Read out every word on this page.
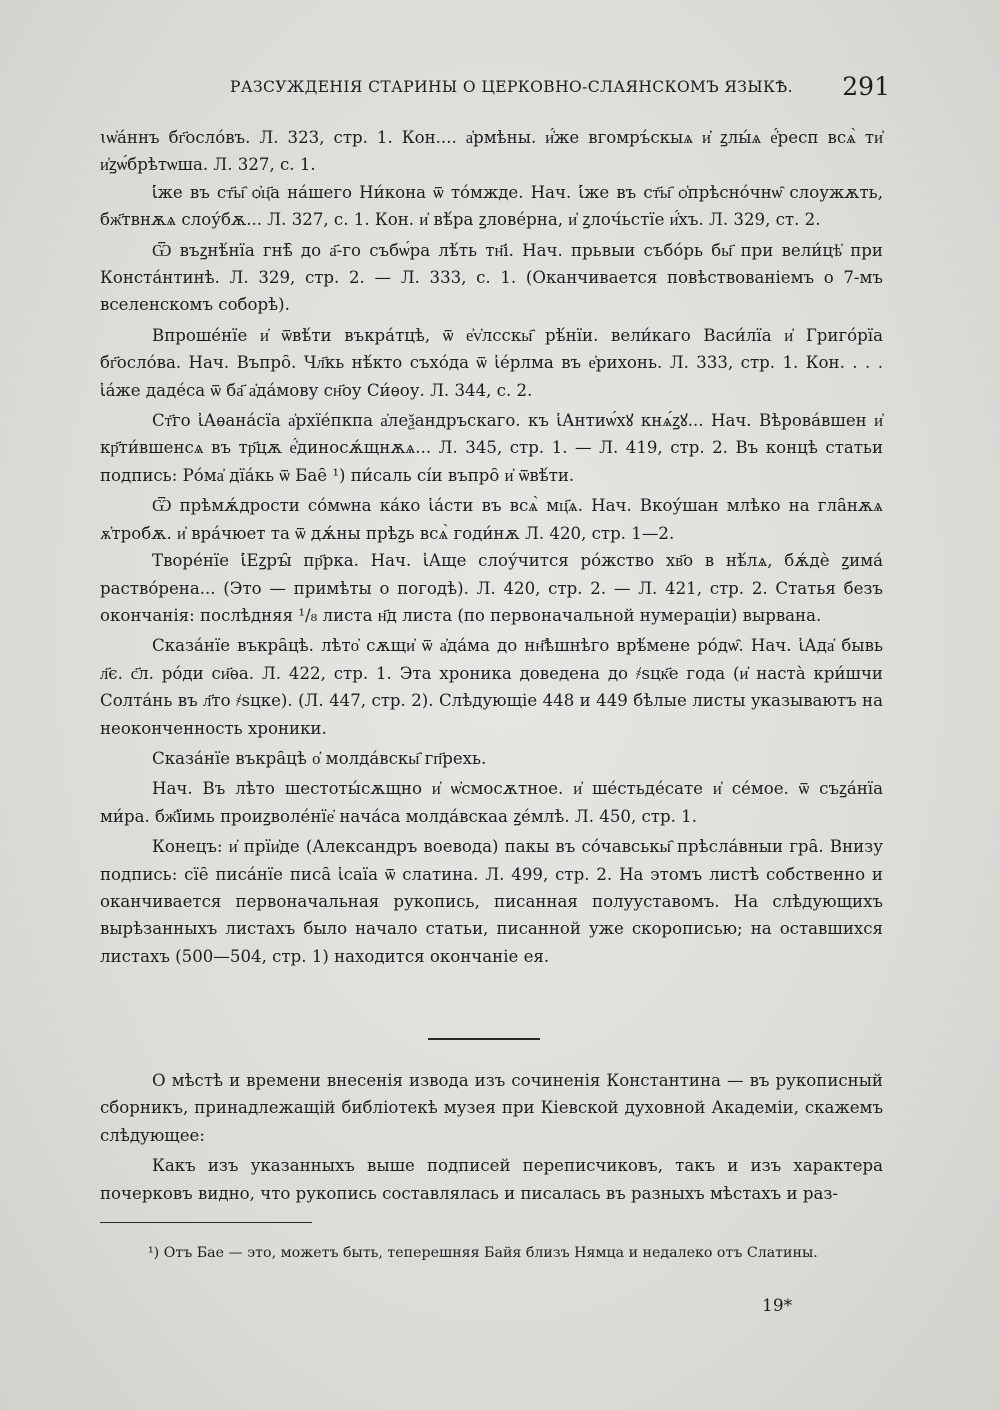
РАЗСУЖДЕНІЯ СТАРИНЫ О ЦЕРКОВНО-СЛАЯНСКОМЪ ЯЗЫКѢ. 291

ꙇѡ҆а́ннъ бг҃осло́въ. Л. 323, стр. 1. Кон.... а҆рмѣны. и҆́же вгомръ́скыѧ и҆ ꙁлы́ѧ е҆́респ всѧ̀ ти҆ и҆ꙁѡ́брѣтѡша. Л. 327, с. 1.

ꙇ҆́же въ ст҃ы҄ ѻ҆ц҃а на́шего Ни́кона ѿ то́мжде. Нач. ꙇ҆́же въ ст҃ы҄ ѻ҆прѣсно́чнѡ̑ слоужѫть, бж҃твнѫѧ слоу́бѫ... Л. 327, с. 1. Кон. и҆ вѣ́ра ꙁлове́рна, и҆ ꙁлоч́ьстїе и҆́хъ. Л. 329, ст. 2.

Ѿ въꙁнѣ́нїа гнѣ̑ до а҃-го събѡ́ра лѣ́ть тн҃і. Нач. прьвыи събо́рь бы҃ при вели́цѣ҆ при Конста́нтинѣ. Л. 329, стр. 2. — Л. 333, с. 1. (Оканчивается повѣствованіемъ о 7-мъ вселенскомъ соборѣ).

Впроше́нїе и҆ ѿвѣ́ти въкра́тцѣ, ѿ е҆v҆лсскы҄ рѣ́нїи. вели́каго Васи́лїа и҆ Григо́рїа бг҃осло́ва. Нач. Въпро̑. Чл҃кь нѣ́кто съхо́да ѿ ꙇ҆е́рлма въ е҆рихонь. Л. 333, стр. 1. Кон. . . . ꙇ҆а́же даде́са ѿ ба҃ а҆да́мову сн҃оу Си́ѳоу. Л. 344, с. 2.

Ст҃го ꙇ҆Аѳана́сїа а҆рхїе́пкпа а҆леѯандръскаго. къ ꙇ҆Антиѡ́хꙋ кнѧ́ꙁꙋ... Нач. Вѣрова́вшен и҆ кр҃ти́вшенсѧ въ тр҃цѫ е҆́диносѫ́щнѫѧ... Л. 345, стр. 1. — Л. 419, стр. 2. Въ концѣ статьи подпись: Ро́ма҆ дїа́кь ѿ Бае̑ ¹) пи́саль сі́и въпро̑ и҆ ѿвѣ́ти.

Ѿ прѣмѫ́дрости со́мѡна ка́ко ꙇ҆а́сти въ всѧ̀ мц҃ѧ. Нач. Вкоу́шан млѣко на гла̑нѫѧ ѫ҆тробѫ. и҆ вра́чюет та ѿ дѫ́ны прѣꙁь всѧ̀ годи́нѫ Л. 420, стр. 1—2.

Творе́нїе ꙇ҆́Еꙁрꙑ̑ пр҃рка. Нач. ꙇ҆Аще слоу́чится ро́жство хв҃о в нѣ́лѧ, бѫ́дѐ ꙁима́ раство́рена... (Это — примѣты о погодѣ). Л. 420, стр. 2. — Л. 421, стр. 2. Статья безъ окончанія: послѣдняя ¹/₈ листа н҃д листа (по первоначальной нумераціи) вырвана.

Сказа́нїе въкра̑цѣ. лѣто҆ сѫщи҆ ѿ а҆да́ма до нн҃ѣшнѣго врѣ́мене ро́дѡ̑. Нач. ꙇ҆Ада҆ бывь л҃є. с҃л. ро́ди си҃ѳа. Л. 422, стр. 1. Эта хроника доведена до ҂ѕцк҃е года (и҆ наста̀ кри́шчи Солта́нь въ л҃то ҂ѕцке). (Л. 447, стр. 2). Слѣдующіе 448 и 449 бѣлые листы указываютъ на неоконченность хроники.

Сказа́нїе въкра̑цѣ о҆ молда́вскы҄ гп҃рехь.

Нач. Въ лѣто шестоты́сѫщно и҆ ѡ҆смосѫтное. и҆ ше́стьде́сате и҆ се́мое. ѿ съꙁа́нїа ми́ра. бж҃їимь проиꙁволе́нїе҆ нача́са молда́вскаа ꙁе́млѣ. Л. 450, стр. 1.

Конецъ: и҆ прїи҆де (Александръ воевода) пакы въ со́чавськы҄ прѣсла́вныи гра̑. Внизу подпись: сїе̑ писа́нїе писа̑ ꙇ҆саїа ѿ слатина. Л. 499, стр. 2. На этомъ листѣ собственно и оканчивается первоначальная рукопись, писанная полууставомъ. На слѣдующихъ вырѣзанныхъ листахъ было начало статьи, писанной уже скорописью; на оставшихся листахъ (500—504, стр. 1) находится окончаніе ея.

О мѣстѣ и времени внесенія извода изъ сочиненія Константина — въ рукописный сборникъ, принадлежащій библіотекѣ музея при Кіевской духовной Академіи, скажемъ слѣдующее:

Какъ изъ указанныхъ выше подписей переписчиковъ, такъ и изъ характера почерковъ видно, что рукопись составлялась и писалась въ разныхъ мѣстахъ и раз-

¹) Отъ Бае — это, можетъ быть, теперешняя Байя близъ Нямца и недалеко отъ Слатины.
19*
